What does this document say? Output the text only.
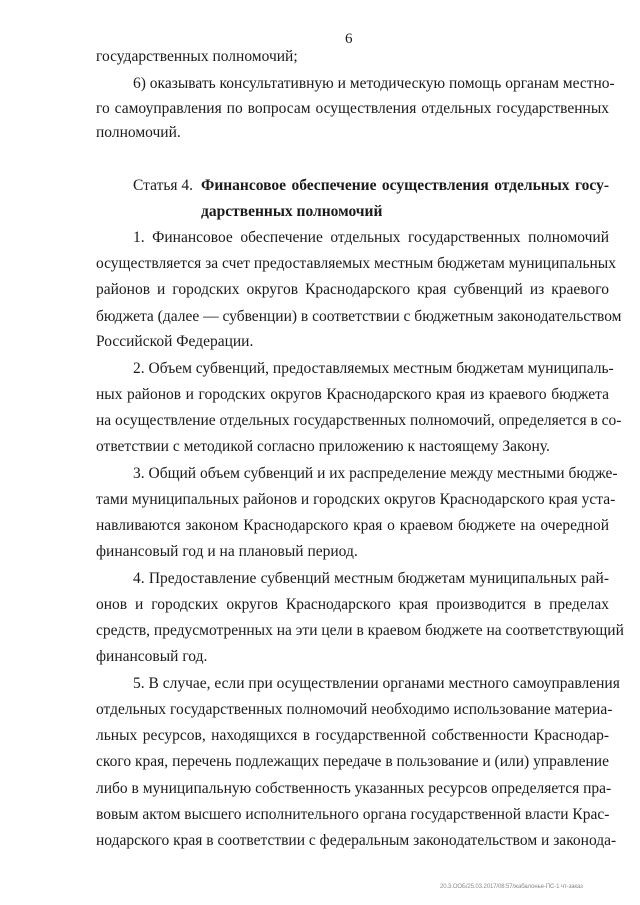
6
государственных полномочий;
6) оказывать консультативную и методическую помощь органам местно-
го самоуправления по вопросам осуществления отдельных государственных
полномочий.
Статья 4. Финансовое обеспечение осуществления отдельных госу-
дарственных полномочий
1. Финансовое обеспечение отдельных государственных полномочий
осуществляется за счет предоставляемых местным бюджетам муниципальных
районов и городских округов Краснодарского края субвенций из краевого
бюджета (далее — субвенции) в соответствии с бюджетным законодательством
Российской Федерации.
2. Объем субвенций, предоставляемых местным бюджетам муниципаль-
ных районов и городских округов Краснодарского края из краевого бюджета
на осуществление отдельных государственных полномочий, определяется в со-
ответствии с методикой согласно приложению к настоящему Закону.
3. Общий объем субвенций и их распределение между местными бюдже-
тами муниципальных районов и городских округов Краснодарского края уста-
навливаются законом Краснодарского края о краевом бюджете на очередной
финансовый год и на плановый период.
4. Предоставление субвенций местным бюджетам муниципальных рай-
онов и городских округов Краснодарского края производится в пределах
средств, предусмотренных на эти цели в краевом бюджете на соответствующий
финансовый год.
5. В случае, если при осуществлении органами местного самоуправления
отдельных государственных полномочий необходимо использование материа-
льных ресурсов, находящихся в государственной собственности Краснодар-
ского края, перечень подлежащих передаче в пользование и (или) управление
либо в муниципальную собственность указанных ресурсов определяется пра-
вовым актом высшего исполнительного органа государственной власти Крас-
нодарского края в соответствии с федеральным законодательством и законода-
20.3.ООБ/25.03.2017/08:57/жабалонье-ПС-1 чт-заказ
